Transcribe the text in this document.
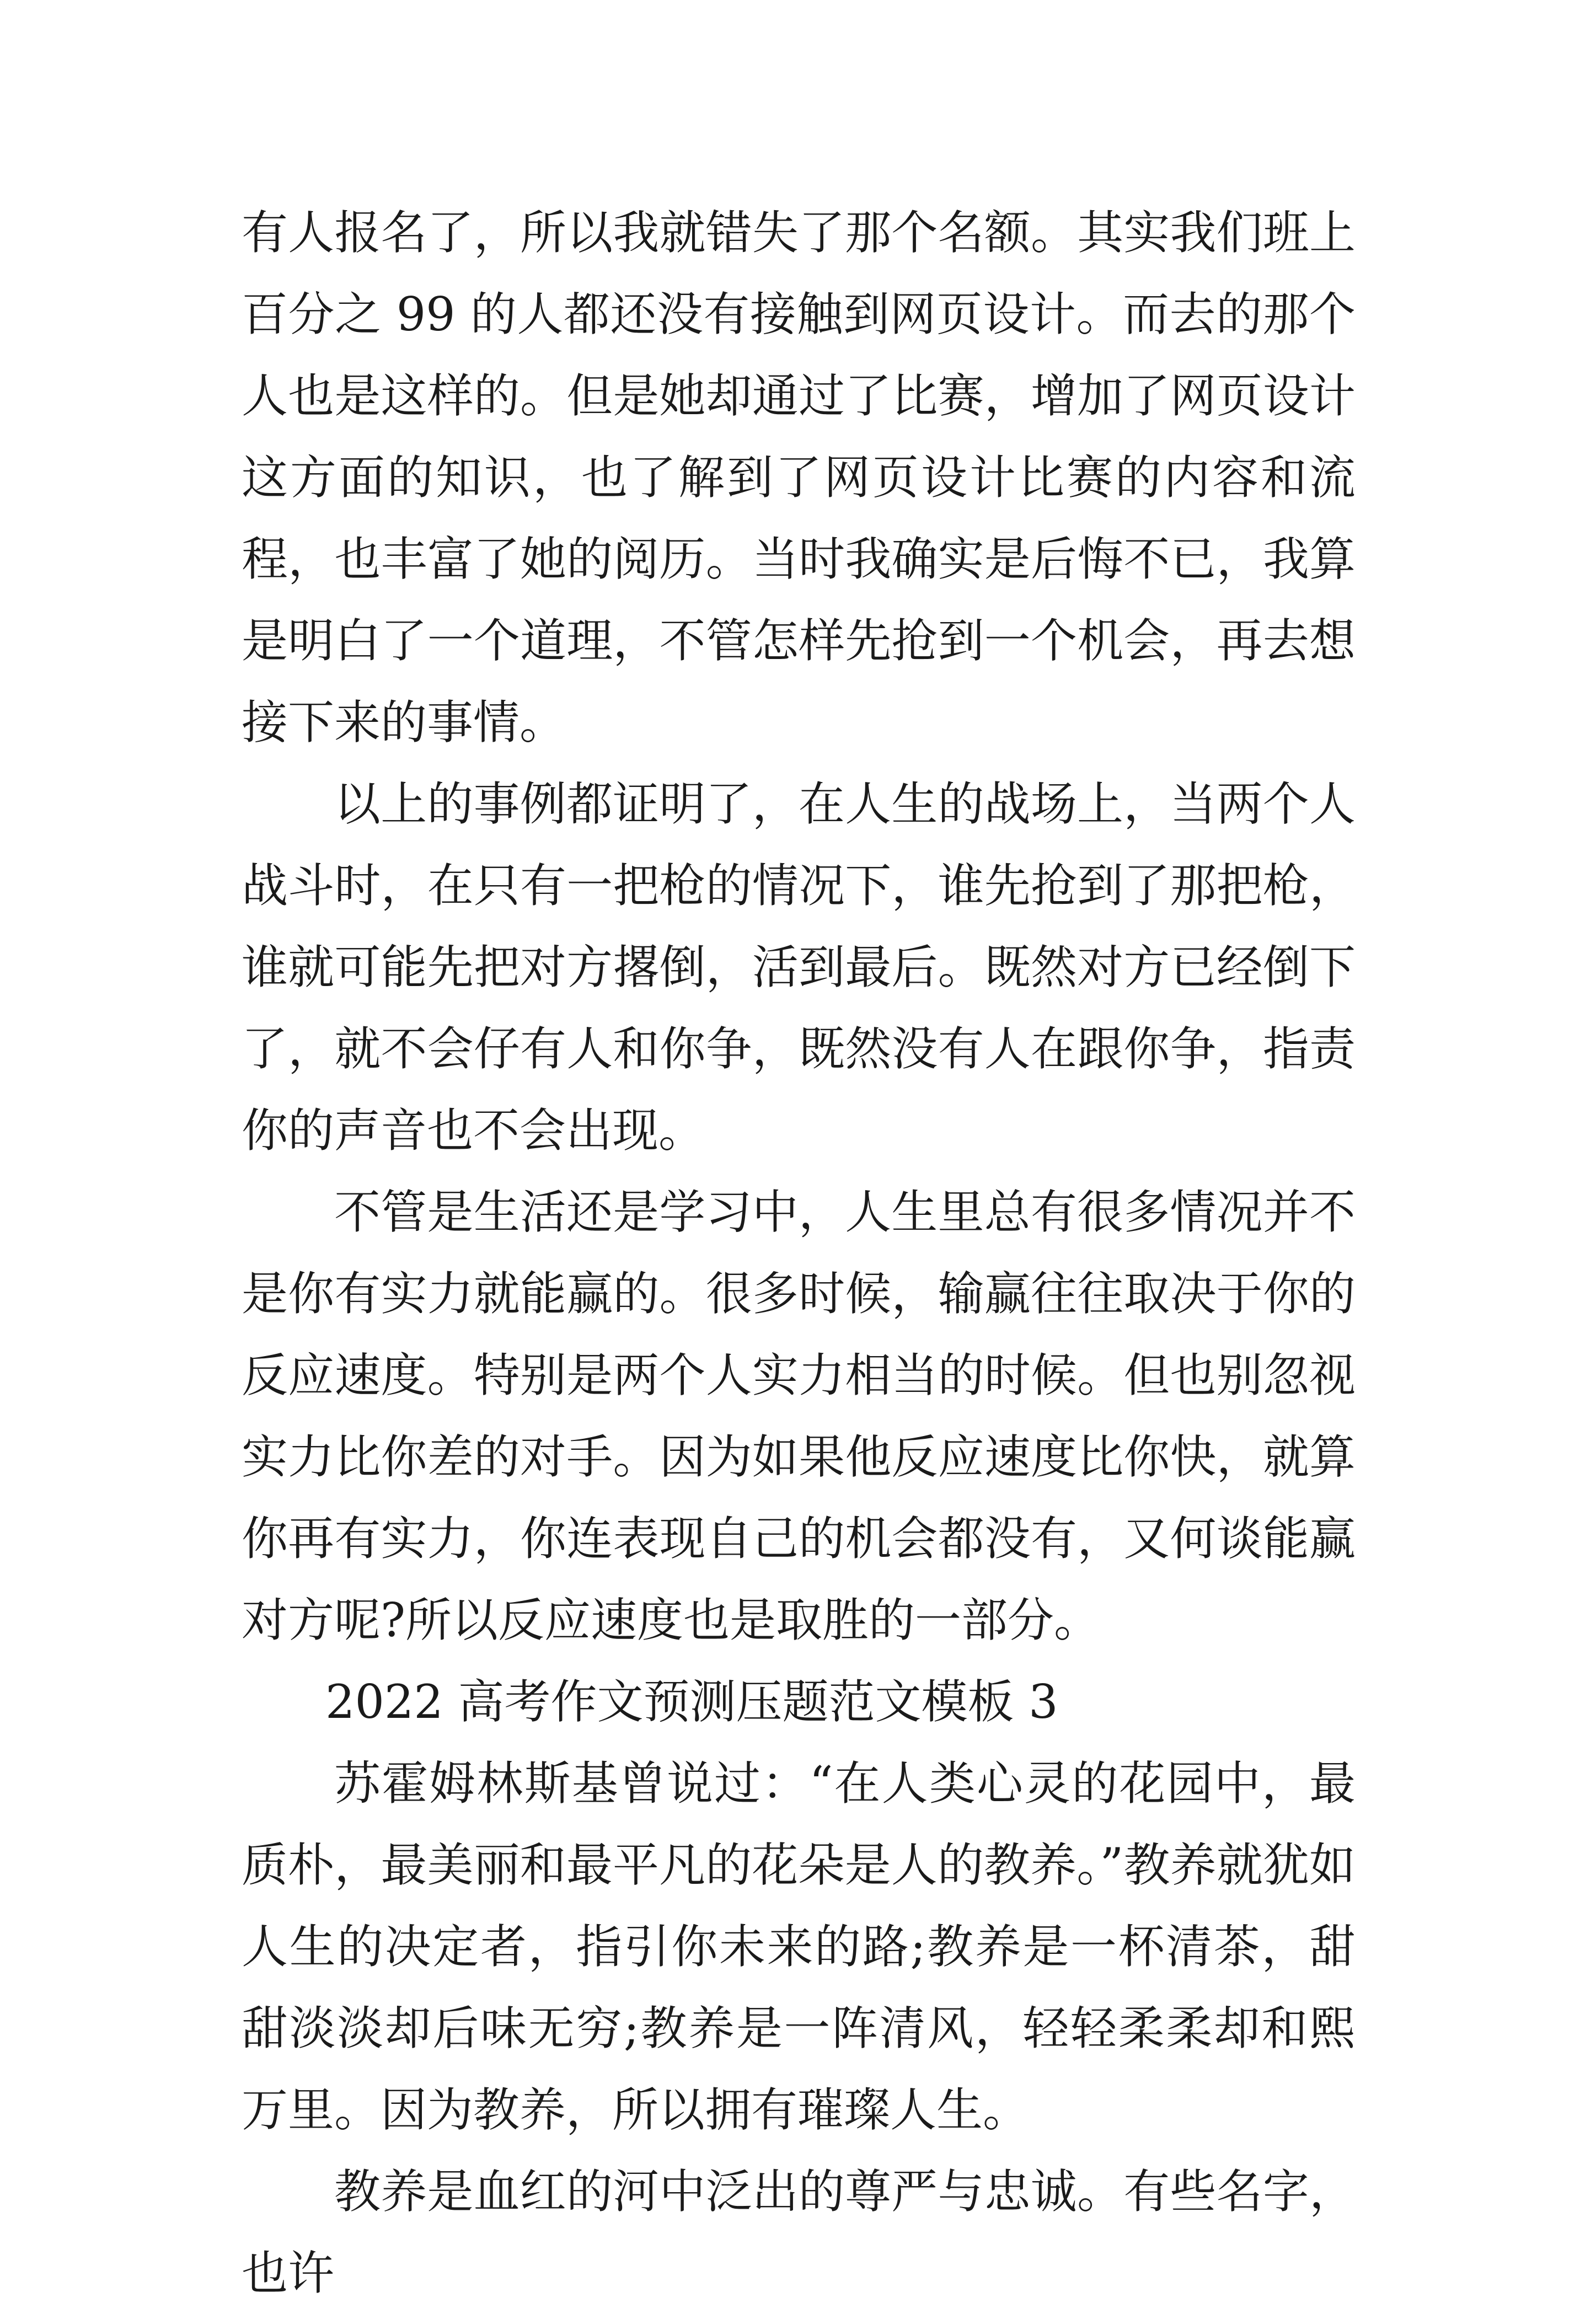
有人报名了，所以我就错失了那个名额。其实我们班上百分之 99 的人都还没有接触到网页设计。而去的那个人也是这样的。但是她却通过了比赛，增加了网页设计这方面的知识，也了解到了网页设计比赛的内容和流程，也丰富了她的阅历。当时我确实是后悔不已，我算是明白了一个道理，不管怎样先抢到一个机会，再去想接下来的事情。

以上的事例都证明了，在人生的战场上，当两个人战斗时，在只有一把枪的情况下，谁先抢到了那把枪，谁就可能先把对方撂倒，活到最后。既然对方已经倒下了，就不会仔有人和你争，既然没有人在跟你争，指责你的声音也不会出现。

不管是生活还是学习中，人生里总有很多情况并不是你有实力就能赢的。很多时候，输赢往往取决于你的反应速度。特别是两个人实力相当的时候。但也别忽视实力比你差的对手。因为如果他反应速度比你快，就算你再有实力，你连表现自己的机会都没有，又何谈能赢对方呢?所以反应速度也是取胜的一部分。

2022 高考作文预测压题范文模板 3

苏霍姆林斯基曾说过：“在人类心灵的花园中，最质朴，最美丽和最平凡的花朵是人的教养。”教养就犹如人生的决定者，指引你未来的路;教养是一杯清茶，甜甜淡淡却后味无穷;教养是一阵清风，轻轻柔柔却和熙万里。因为教养，所以拥有璀璨人生。

教养是血红的河中泛出的尊严与忠诚。有些名字，也许
